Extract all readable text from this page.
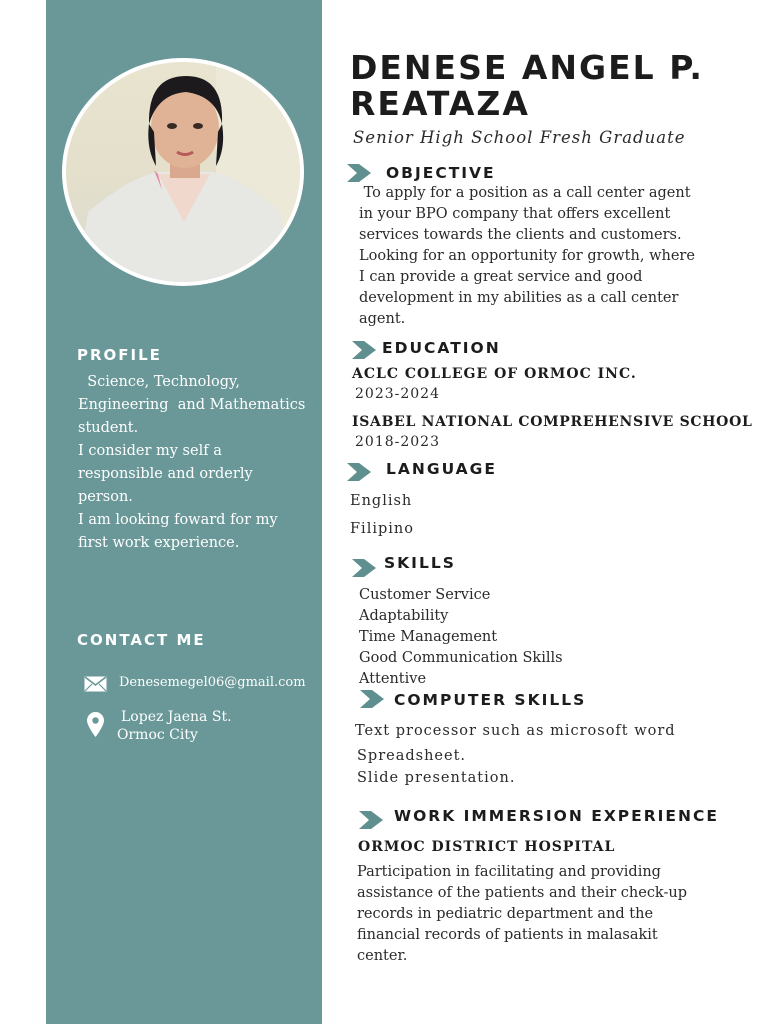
PROFILE
Science, Technology, Engineering  and Mathematics student.
I consider my self a responsible and orderly person.
I am looking foward for my first work experience.
CONTACT ME
Denesemegel06@gmail.com
Lopez Jaena St.
Ormoc City
DENESE ANGEL P. REATAZA
Senior High School Fresh Graduate
OBJECTIVE
To apply for a position as a call center agent in your BPO company that offers excellent services towards the clients and customers. Looking for an opportunity for growth, where I can provide a great service and good development in my abilities as a call center agent.
EDUCATION
ACLC COLLEGE OF ORMOC INC.
2023-2024
ISABEL NATIONAL COMPREHENSIVE SCHOOL
2018-2023
LANGUAGE
English
Filipino
SKILLS
Customer Service
Adaptability
Time Management
Good Communication Skills
Attentive
COMPUTER SKILLS
Text processor such as microsoft word
Spreadsheet.
Slide presentation.
WORK IMMERSION EXPERIENCE
ORMOC DISTRICT HOSPITAL
Participation in facilitating and providing assistance of the patients and their check-up records in pediatric department and the financial records of patients in malasakit center.
